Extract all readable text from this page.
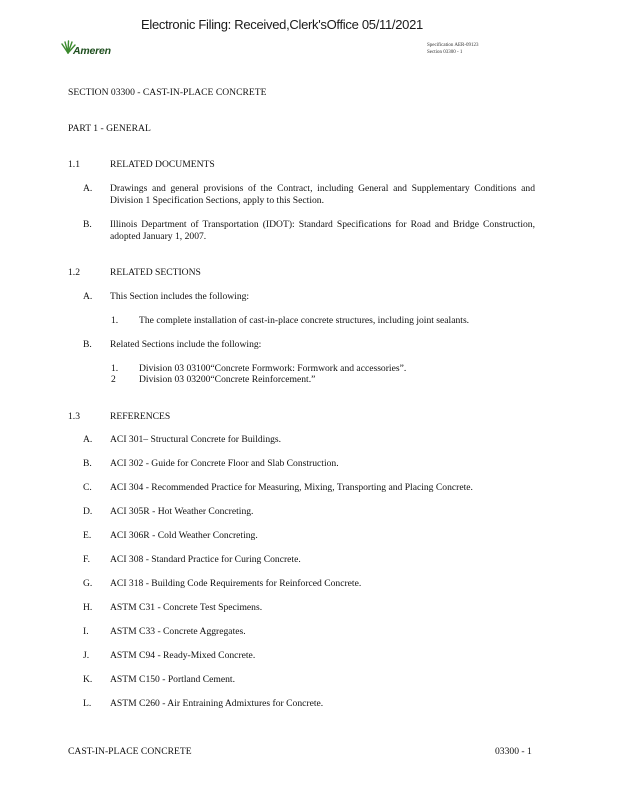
Electronic Filing: Received,Clerk'sOffice 05/11/2021
Ameren	Specification AER-09123
Section 03300 - 1
SECTION 03300 - CAST-IN-PLACE CONCRETE
PART 1 - GENERAL
1.1	RELATED DOCUMENTS
A. Drawings and general provisions of the Contract, including General and Supplementary Conditions and Division 1 Specification Sections, apply to this Section.
B. Illinois Department of Transportation (IDOT): Standard Specifications for Road and Bridge Construction, adopted January 1, 2007.
1.2	RELATED SECTIONS
A. This Section includes the following:
1. The complete installation of cast-in-place concrete structures, including joint sealants.
B. Related Sections include the following:
1. Division 03 03100“Concrete Formwork: Formwork and accessories”.
2 Division 03 03200“Concrete Reinforcement.”
1.3	REFERENCES
A. ACI 301– Structural Concrete for Buildings.
B. ACI 302 - Guide for Concrete Floor and Slab Construction.
C. ACI 304 - Recommended Practice for Measuring, Mixing, Transporting and Placing Concrete.
D. ACI 305R - Hot Weather Concreting.
E. ACI 306R - Cold Weather Concreting.
F. ACI 308 - Standard Practice for Curing Concrete.
G. ACI 318 - Building Code Requirements for Reinforced Concrete.
H. ASTM C31 - Concrete Test Specimens.
I. ASTM C33 - Concrete Aggregates.
J. ASTM C94 - Ready-Mixed Concrete.
K. ASTM C150 - Portland Cement.
L. ASTM C260 - Air Entraining Admixtures for Concrete.
CAST-IN-PLACE CONCRETE	03300 - 1
